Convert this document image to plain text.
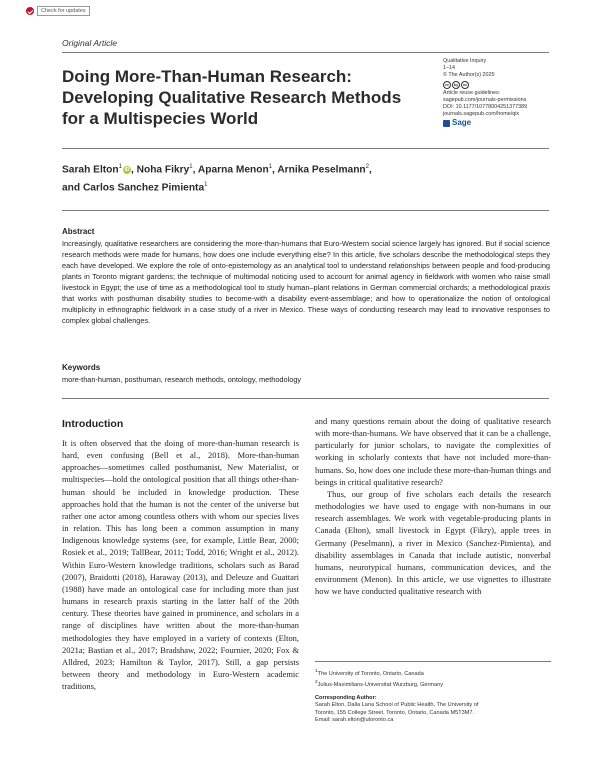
Check for updates
Original Article
Doing More-Than-Human Research: Developing Qualitative Research Methods for a Multispecies World
Qualitative Inquiry
1–14
© The Author(s) 2025
cc	by	nc
Article reuse guidelines:
sagepub.com/journals-permissions
DOI: 10.1177/10778004251377389
journals.sagepub.com/home/qix
Sage
Sarah Elton$^1$iD , Noha Fikry$^1$, Aparna Menon$^1$, Arnika Peselmann$^2$,
and Carlos Sanchez Pimienta$^1$
Abstract
Increasingly, qualitative researchers are considering the more-than-humans that Euro-Western social science largely has ignored. But if social science research methods were made for humans, how does one include everything else? In this article, five scholars describe the methodological steps they each have developed. We explore the role of onto-epistemology as an analytical tool to understand relationships between people and food-producing plants in Toronto migrant gardens; the technique of multimodal noticing used to account for animal agency in fieldwork with women who raise small livestock in Egypt; the use of time as a methodological tool to study human–plant relations in German commercial orchards; a methodological praxis that works with posthuman disability studies to become-with a disability event-assemblage; and how to operationalize the notion of ontological multiplicity in ethnographic fieldwork in a case study of a river in Mexico. These ways of conducting research may lead to innovative responses to complex global challenges.
Keywords
more-than-human, posthuman, research methods, ontology, methodology
Introduction

It is often observed that the doing of more-than-human research is hard, even confusing (Bell et al., 2018). More-than-human approaches—sometimes called posthumanist, New Materialist, or multispecies—hold the ontological position that all things other-than-human should be included in knowledge production. These approaches hold that the human is not the center of the universe but rather one actor among countless others with whom our species lives in relation. This has long been a common assumption in many Indigenous knowledge systems (see, for example, Little Bear, 2000; Rosiek et al., 2019; TallBear, 2011; Todd, 2016; Wright et al., 2012). Within Euro-Western knowledge traditions, scholars such as Barad (2007), Braidotti (2018), Haraway (2013), and Deleuze and Guattari (1988) have made an ontological case for including more than just humans in research praxis starting in the latter half of the 20th century. These theories have gained in prominence, and scholars in a range of disciplines have written about the more-than-human methodologies they have employed in a variety of contexts (Elton, 2021a; Bastian et al., 2017; Bradshaw, 2022; Fournier, 2020; Fox & Alldred, 2023; Hamilton & Taylor, 2017). Still, a gap persists between theory and methodology in Euro-Western academic traditions,

and many questions remain about the doing of qualitative research with more-than-humans. We have observed that it can be a challenge, particularly for junior scholars, to navigate the complexities of working in scholarly contexts that have not included more-than-humans. So, how does one include these more-than-human things and beings in critical qualitative research?

Thus, our group of five scholars each details the research methodologies we have used to engage with non-humans in our research assemblages. We work with vegetable-producing plants in Canada (Elton), small livestock in Egypt (Fikry), apple trees in Germany (Peselmann), a river in Mexico (Sanchez-Pimienta), and disability assemblages in Canada that include autistic, nonverbal humans, neurotypical humans, communication devices, and the environment (Menon). In this article, we use vignettes to illustrate how we have conducted qualitative research with

$^1$The University of Toronto, Ontario, Canada
$^2$Julius-Maximilians-Universitat Wurzburg, Germany
Corresponding Author:
Sarah Elton, Dalla Lana School of Public Health, The University of
Toronto, 155 College Street, Toronto, Ontario, Canada M5T3M7.
Email: sarah.elton@utoronto.ca
